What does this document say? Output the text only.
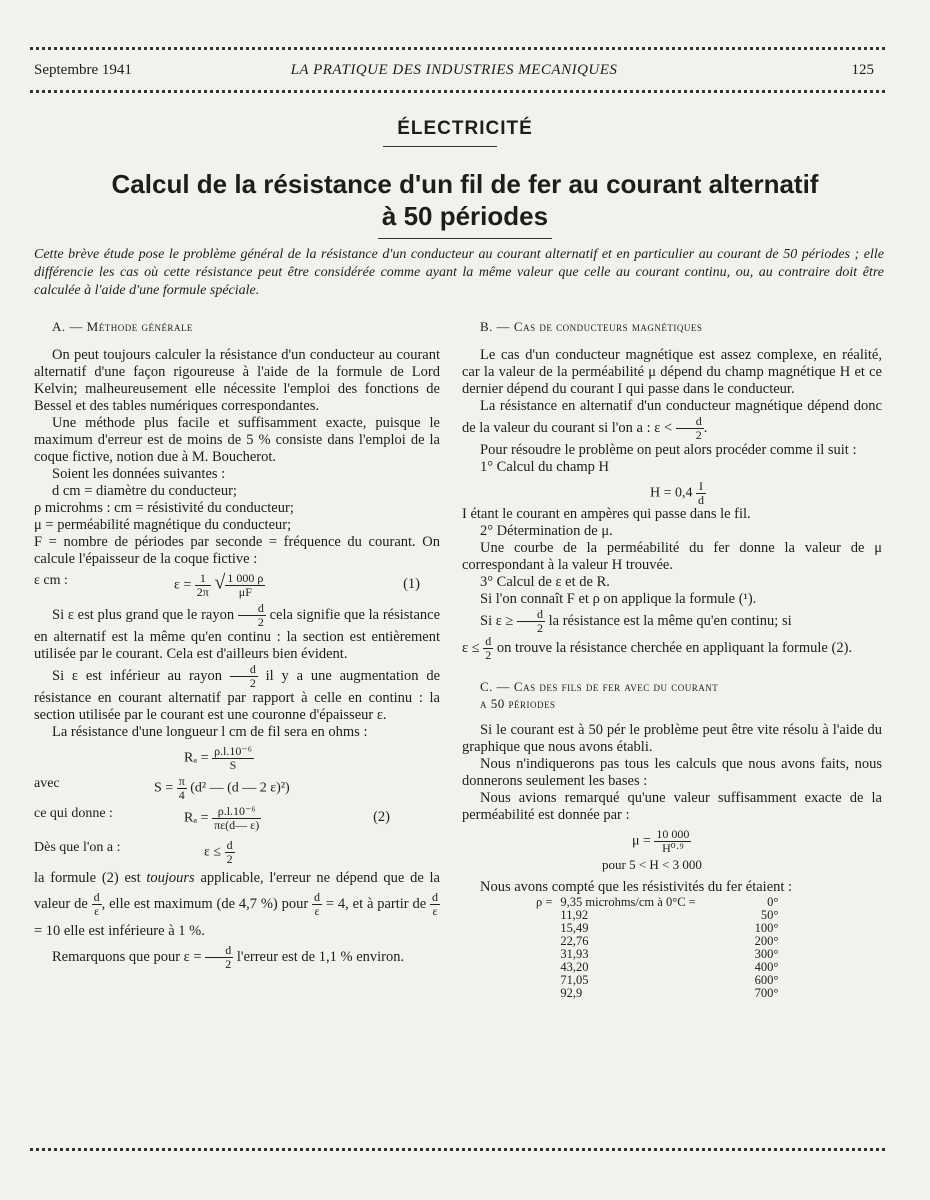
Septembre 1941	LA PRATIQUE DES INDUSTRIES MECANIQUES	125
ÉLECTRICITÉ
Calcul de la résistance d'un fil de fer au courant alternatif
à 50 périodes
Cette brève étude pose le problème général de la résistance d'un conducteur au courant alternatif et en particulier au courant de 50 périodes ; elle différencie les cas où cette résistance peut être considérée comme ayant la même valeur que celle au courant continu, ou, au contraire doit être calculée à l'aide d'une formule spéciale.

A. — Méthode générale

On peut toujours calculer la résistance d'un conducteur au courant alternatif d'une façon rigoureuse à l'aide de la formule de Lord Kelvin; malheureusement elle nécessite l'emploi des fonctions de Bessel et des tables numériques correspondantes.

Une méthode plus facile et suffisamment exacte, puisque le maximum d'erreur est de moins de 5 % consiste dans l'emploi de la coque fictive, notion due à M. Boucherot.

Soient les données suivantes :

d cm = diamètre du conducteur;

ρ microhms : cm = résistivité du conducteur;

μ = perméabilité magnétique du conducteur;

F = nombre de périodes par seconde = fréquence du courant. On calcule l'épaisseur de la coque fictive :

ε cm :	$\varepsilon = \frac{1}{2\pi}$ √ $\frac{1 000 \rho}{\mu F}$	(1)

Si ε est plus grand que le rayon $\frac{d}{2}$ cela signifie que la résistance en alternatif est la même qu'en continu : la section est entièrement utilisée par le courant. Cela est d'ailleurs bien évident.

Si ε est inférieur au rayon $\frac{d}{2}$ il y a une augmentation de résistance en courant alternatif par rapport à celle en continu : la section utilisée par le courant est une couronne d'épaisseur ε.

La résistance d'une longueur l cm de fil sera en ohms :

$R_a = \frac{\text{ρ.l.10⁻⁶}}{S}$
avec	$S = \frac{\pi}{4} (d^2$ — (d — 2 ε)²)
ce qui donne :	$R_a = \frac{\text{ρ.l.10⁻⁶}}{\pi\varepsilon(d— \varepsilon)}$	(2)
Dès que l'on a :	$\varepsilon \le \frac{d}{2}$

la formule (2) est toujours applicable, l'erreur ne dépend que de la valeur de $\frac{d}{\varepsilon}$ , elle est maximum (de 4,7 %) pour $\frac{d}{\varepsilon} = 4$, et à partir de $\frac{d}{\varepsilon}$
= 10 elle est inférieure à 1 %.

Remarquons que pour $\varepsilon = \frac{d}{2}$ l'erreur est de 1,1 % environ.

B. — Cas de conducteurs magnétiques

Le cas d'un conducteur magnétique est assez complexe, en réalité, car la valeur de la perméabilité μ dépend du champ magnétique H et ce dernier dépend du courant I qui passe dans le conducteur.

La résistance en alternatif d'un conducteur magnétique dépend donc de la valeur du courant si l'on a : $\varepsilon < \frac{d}{2}$ .

Pour résoudre le problème on peut alors procéder comme il suit :

1° Calcul du champ H

$H = 0,4 \frac{I}{d}$

I étant le courant en ampères qui passe dans le fil.

2° Détermination de μ.

Une courbe de la perméabilité du fer donne la valeur de μ correspondant à la valeur H trouvée.

3° Calcul de ε et de R.

Si l'on connaît F et ρ on applique la formule (¹).

Si $\varepsilon \ge \frac{d}{2}$ la résistance est la même qu'en continu; si

$\varepsilon \le \frac{d}{2}$ on trouve la résistance cherchée en appliquant la formule (2).

C. — Cas des fils de fer avec du courant

a 50 périodes

Si le courant est à 50 pér le problème peut être vite résolu à l'aide du graphique que nous avons établi.

Nous n'indiquerons pas tous les calculs que nous avons faits, nous donnerons seulement les bases :

Nous avions remarqué qu'une valeur suffisamment exacte de la perméabilité est donnée par :

$\mu = \frac{10 000}{\text{H⁰·⁹}}$

pour 5 < H < 3 000

Nous avons compté que les résistivités du fer étaient :

ρ =	9,35 microhms/cm à 0°C =	0°
	11,92	50°
	15,49	100°
	22,76	200°
	31,93	300°
	43,20	400°
	71,05	600°
	92,9	700°
